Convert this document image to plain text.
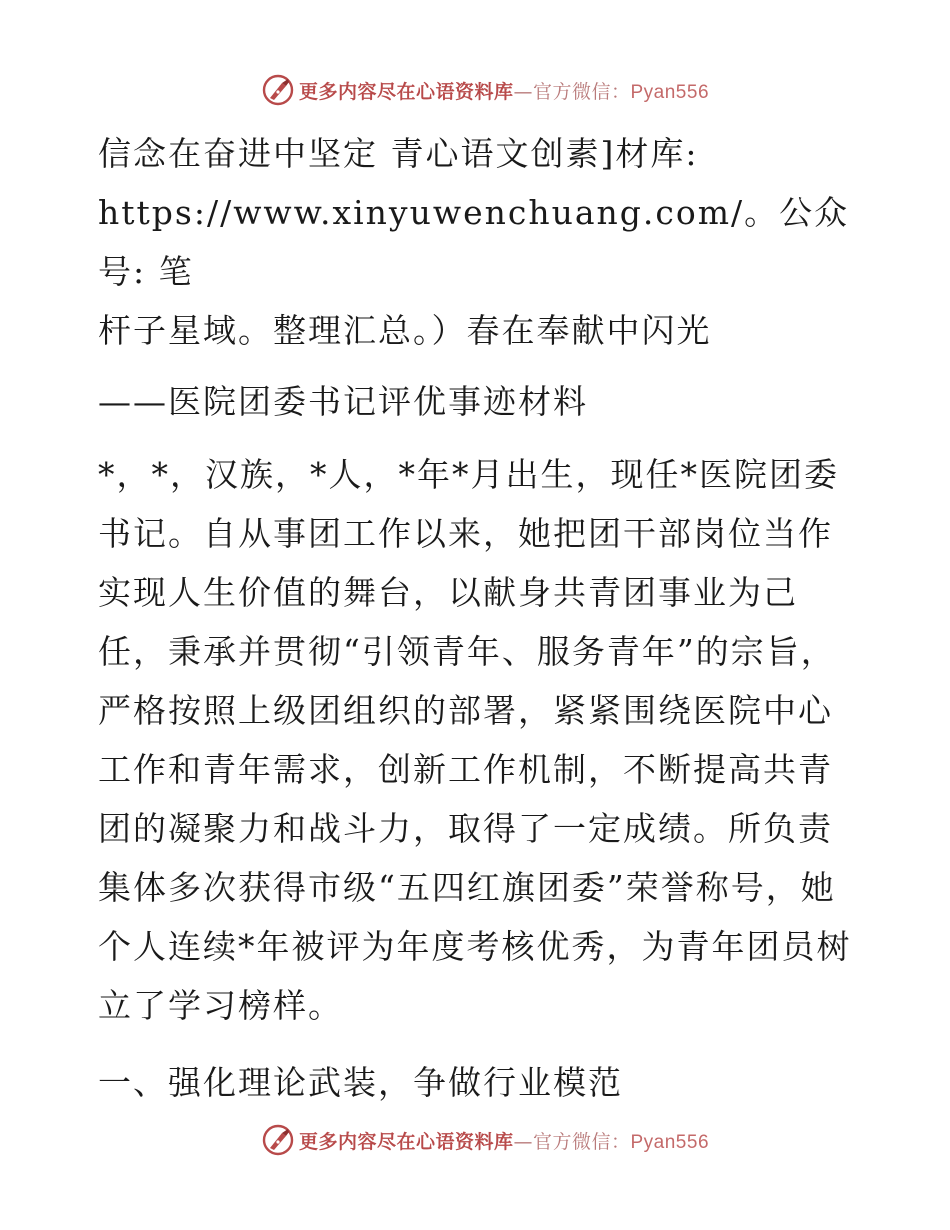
更多内容尽在心语资料库—官方微信：Pyan556

信念在奋进中坚定 青心语文创素]材库:
https://www.xinyuwenchuang.com/。公众号: 笔
杆子星域。整理汇总。）春在奉献中闪光

——医院团委书记评优事迹材料

*，*，汉族，*人，*年*月出生，现任*医院团委书记。自从事团工作以来，她把团干部岗位当作实现人生价值的舞台，以献身共青团事业为己任，秉承并贯彻“引领青年、服务青年”的宗旨，严格按照上级团组织的部署，紧紧围绕医院中心工作和青年需求，创新工作机制，不断提高共青团的凝聚力和战斗力，取得了一定成绩。所负责集体多次获得市级“五四红旗团委”荣誉称号，她个人连续*年被评为年度考核优秀，为青年团员树立了学习榜样。

一、强化理论武装，争做行业模范

更多内容尽在心语资料库—官方微信：Pyan556
